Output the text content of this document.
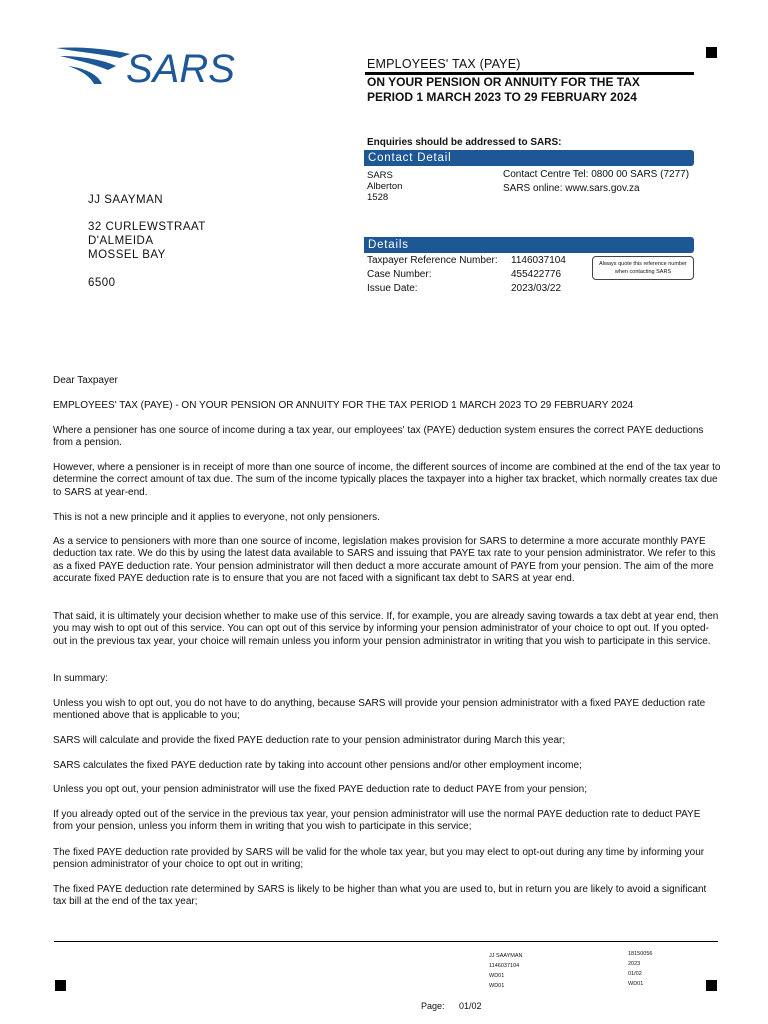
SARS	EMPLOYEES' TAX (PAYE)
ON YOUR PENSION OR ANNUITY FOR THE TAX
PERIOD 1 MARCH 2023 TO 29 FEBRUARY 2024
Enquiries should be addressed to SARS:
Contact Detail
SARS
Alberton
1528
Contact Centre Tel: 0800 00 SARS (7277)
SARS online: www.sars.gov.za
Details
Taxpayer Reference Number: 1146037104
Case Number:	455422776
Issue Date:	2023/03/22
Always quote this reference number when contacting SARS
JJ SAAYMAN
32 CURLEWSTRAAT
D'ALMEIDA
MOSSEL BAY
6500
Dear Taxpayer
EMPLOYEES' TAX (PAYE) - ON YOUR PENSION OR ANNUITY FOR THE TAX PERIOD 1 MARCH 2023 TO 29 FEBRUARY 2024
Where a pensioner has one source of income during a tax year, our employees' tax (PAYE) deduction system ensures the correct PAYE deductions from a pension.
However, where a pensioner is in receipt of more than one source of income, the different sources of income are combined at the end of the tax year to determine the correct amount of tax due. The sum of the income typically places the taxpayer into a higher tax bracket, which normally creates tax due to SARS at year-end.
This is not a new principle and it applies to everyone, not only pensioners.
As a service to pensioners with more than one source of income, legislation makes provision for SARS to determine a more accurate monthly PAYE deduction tax rate. We do this by using the latest data available to SARS and issuing that PAYE tax rate to your pension administrator. We refer to this as a fixed PAYE deduction rate. Your pension administrator will then deduct a more accurate amount of PAYE from your pension. The aim of the more accurate fixed PAYE deduction rate is to ensure that you are not faced with a significant tax debt to SARS at year end.
That said, it is ultimately your decision whether to make use of this service. If, for example, you are already saving towards a tax debt at year end, then you may wish to opt out of this service. You can opt out of this service by informing your pension administrator of your choice to opt out. If you opted-out in the previous tax year, your choice will remain unless you inform your pension administrator in writing that you wish to participate in this service.
In summary:
Unless you wish to opt out, you do not have to do anything, because SARS will provide your pension administrator with a fixed PAYE deduction rate mentioned above that is applicable to you;
SARS will calculate and provide the fixed PAYE deduction rate to your pension administrator during March this year;
SARS calculates the fixed PAYE deduction rate by taking into account other pensions and/or other employment income;
Unless you opt out, your pension administrator will use the fixed PAYE deduction rate to deduct PAYE from your pension;
If you already opted out of the service in the previous tax year, your pension administrator will use the normal PAYE deduction rate to deduct PAYE from your pension, unless you inform them in writing that you wish to participate in this service;
The fixed PAYE deduction rate provided by SARS will be valid for the whole tax year, but you may elect to opt-out during any time by informing your pension administrator of your choice to opt out in writing;
The fixed PAYE deduction rate determined by SARS is likely to be higher than what you are used to, but in return you are likely to avoid a significant tax bill at the end of the tax year;
JJ SAAYMAN
1146037104
WD01
WD01
18150056
2023
01/02
WD01
Page: 01/02
